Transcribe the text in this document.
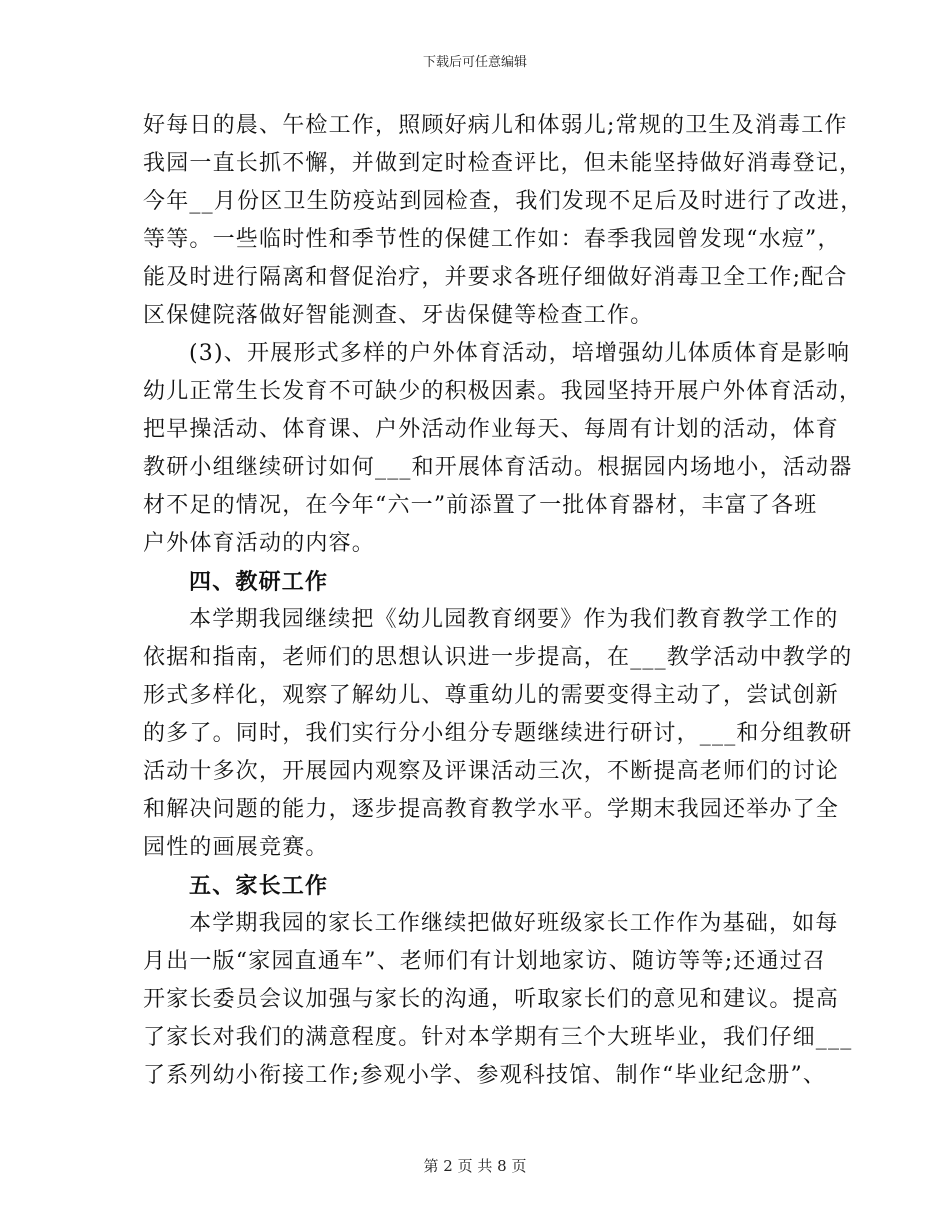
下载后可任意编辑
好每日的晨、午检工作，照顾好病儿和体弱儿;常规的卫生及消毒工作
我园一直长抓不懈，并做到定时检查评比，但未能坚持做好消毒登记，
今年__月份区卫生防疫站到园检查，我们发现不足后及时进行了改进，
等等。一些临时性和季节性的保健工作如：春季我园曾发现“水痘”，
能及时进行隔离和督促治疗，并要求各班仔细做好消毒卫全工作;配合
区保健院落做好智能测查、牙齿保健等检查工作。
(3)、开展形式多样的户外体育活动，培增强幼儿体质体育是影响
幼儿正常生长发育不可缺少的积极因素。我园坚持开展户外体育活动，
把早操活动、体育课、户外活动作业每天、每周有计划的活动，体育
教研小组继续研讨如何___和开展体育活动。根据园内场地小，活动器
材不足的情况，在今年“六一”前添置了一批体育器材，丰富了各班
户外体育活动的内容。
四、教研工作
本学期我园继续把《幼儿园教育纲要》作为我们教育教学工作的
依据和指南，老师们的思想认识进一步提高，在___教学活动中教学的
形式多样化，观察了解幼儿、尊重幼儿的需要变得主动了，尝试创新
的多了。同时，我们实行分小组分专题继续进行研讨，___和分组教研
活动十多次，开展园内观察及评课活动三次，不断提高老师们的讨论
和解决问题的能力，逐步提高教育教学水平。学期末我园还举办了全
园性的画展竞赛。
五、家长工作
本学期我园的家长工作继续把做好班级家长工作作为基础，如每
月出一版“家园直通车”、老师们有计划地家访、随访等等;还通过召
开家长委员会议加强与家长的沟通，听取家长们的意见和建议。提高
了家长对我们的满意程度。针对本学期有三个大班毕业，我们仔细___
了系列幼小衔接工作;参观小学、参观科技馆、制作“毕业纪念册”、
第 2 页 共 8 页
